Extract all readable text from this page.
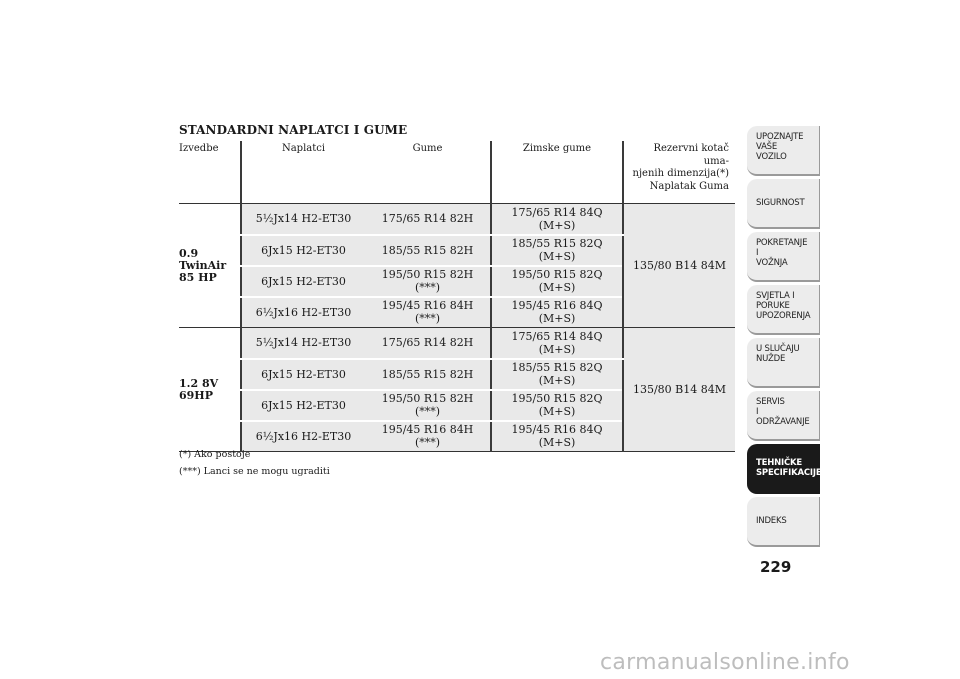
STANDARDNI NAPLATCI I GUME
Izvedbe	Naplatci	Gume	Zimske gume	Rezervni kotač uma-
njenih dimenzija(*)
Naplatak Guma
0.9
TwinAir
85 HP	5½Jx14 H2-ET30	175/65 R14 82H	175/65 R14 84Q
(M+S)	135/80 B14 84M
	6Jx15 H2-ET30	185/55 R15 82H	185/55 R15 82Q
(M+S)	
	6Jx15 H2-ET30	195/50 R15 82H (***)	195/50 R15 82Q
(M+S)	
	6½Jx16 H2-ET30	195/45 R16 84H (***)	195/45 R16 84Q
(M+S)	
1.2 8V
69HP	5½Jx14 H2-ET30	175/65 R14 82H	175/65 R14 84Q
(M+S)	135/80 B14 84M
	6Jx15 H2-ET30	185/55 R15 82H	185/55 R15 82Q
(M+S)	
	6Jx15 H2-ET30	195/50 R15 82H (***)	195/50 R15 82Q
(M+S)	
	6½Jx16 H2-ET30	195/45 R16 84H (***)	195/45 R16 84Q
(M+S)	
(*) Ako postoje
(***) Lanci se ne mogu ugraditi
UPOZNAJTE
VAŠE
VOZILO
SIGURNOST
POKRETANJE
I
VOŽNJA
SVJETLA I
PORUKE
UPOZORENJA
U SLUČAJU
NUŽDE
SERVIS
I
ODRŽAVANJE
TEHNIČKE
SPECIFIKACIJE
INDEKS
229
carmanualsonline.info
